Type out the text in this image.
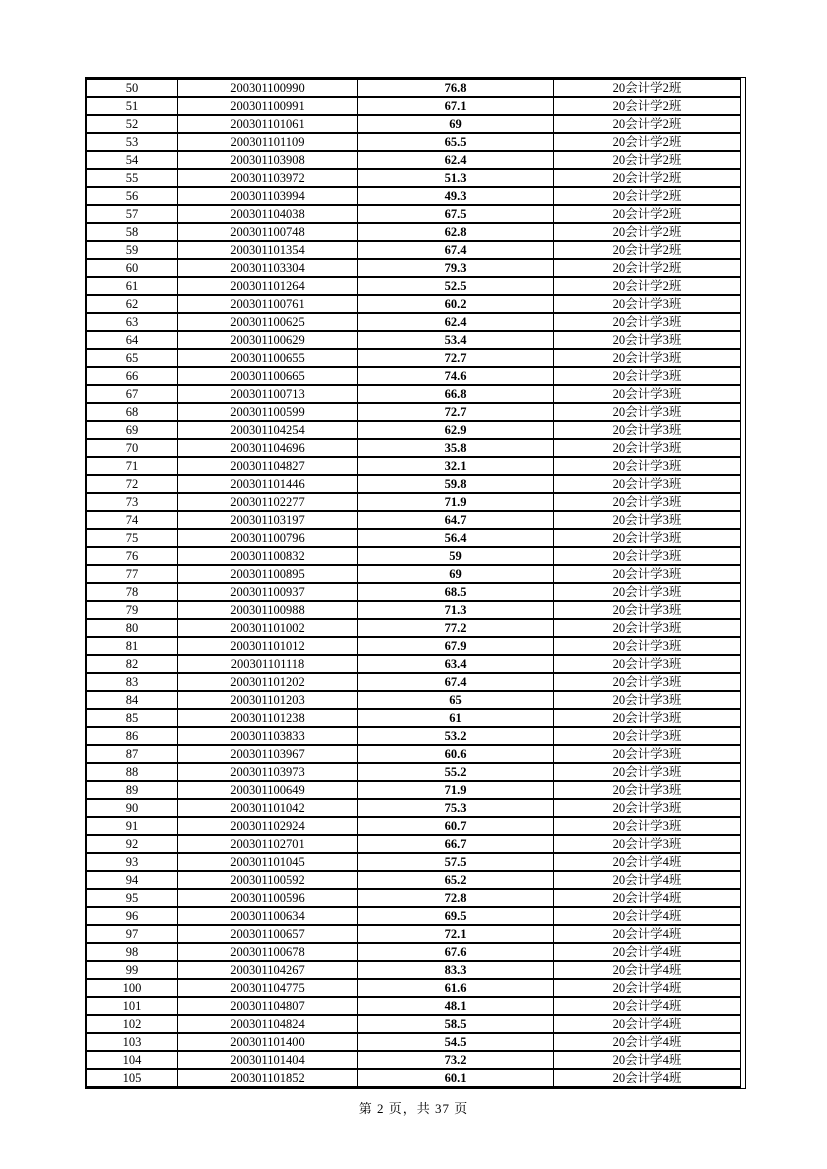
50	200301100990	76.8	20会计学2班
51	200301100991	67.1	20会计学2班
52	200301101061	69	20会计学2班
53	200301101109	65.5	20会计学2班
54	200301103908	62.4	20会计学2班
55	200301103972	51.3	20会计学2班
56	200301103994	49.3	20会计学2班
57	200301104038	67.5	20会计学2班
58	200301100748	62.8	20会计学2班
59	200301101354	67.4	20会计学2班
60	200301103304	79.3	20会计学2班
61	200301101264	52.5	20会计学2班
62	200301100761	60.2	20会计学3班
63	200301100625	62.4	20会计学3班
64	200301100629	53.4	20会计学3班
65	200301100655	72.7	20会计学3班
66	200301100665	74.6	20会计学3班
67	200301100713	66.8	20会计学3班
68	200301100599	72.7	20会计学3班
69	200301104254	62.9	20会计学3班
70	200301104696	35.8	20会计学3班
71	200301104827	32.1	20会计学3班
72	200301101446	59.8	20会计学3班
73	200301102277	71.9	20会计学3班
74	200301103197	64.7	20会计学3班
75	200301100796	56.4	20会计学3班
76	200301100832	59	20会计学3班
77	200301100895	69	20会计学3班
78	200301100937	68.5	20会计学3班
79	200301100988	71.3	20会计学3班
80	200301101002	77.2	20会计学3班
81	200301101012	67.9	20会计学3班
82	200301101118	63.4	20会计学3班
83	200301101202	67.4	20会计学3班
84	200301101203	65	20会计学3班
85	200301101238	61	20会计学3班
86	200301103833	53.2	20会计学3班
87	200301103967	60.6	20会计学3班
88	200301103973	55.2	20会计学3班
89	200301100649	71.9	20会计学3班
90	200301101042	75.3	20会计学3班
91	200301102924	60.7	20会计学3班
92	200301102701	66.7	20会计学3班
93	200301101045	57.5	20会计学4班
94	200301100592	65.2	20会计学4班
95	200301100596	72.8	20会计学4班
96	200301100634	69.5	20会计学4班
97	200301100657	72.1	20会计学4班
98	200301100678	67.6	20会计学4班
99	200301104267	83.3	20会计学4班
100	200301104775	61.6	20会计学4班
101	200301104807	48.1	20会计学4班
102	200301104824	58.5	20会计学4班
103	200301101400	54.5	20会计学4班
104	200301101404	73.2	20会计学4班
105	200301101852	60.1	20会计学4班
第 2 页，共 37 页
